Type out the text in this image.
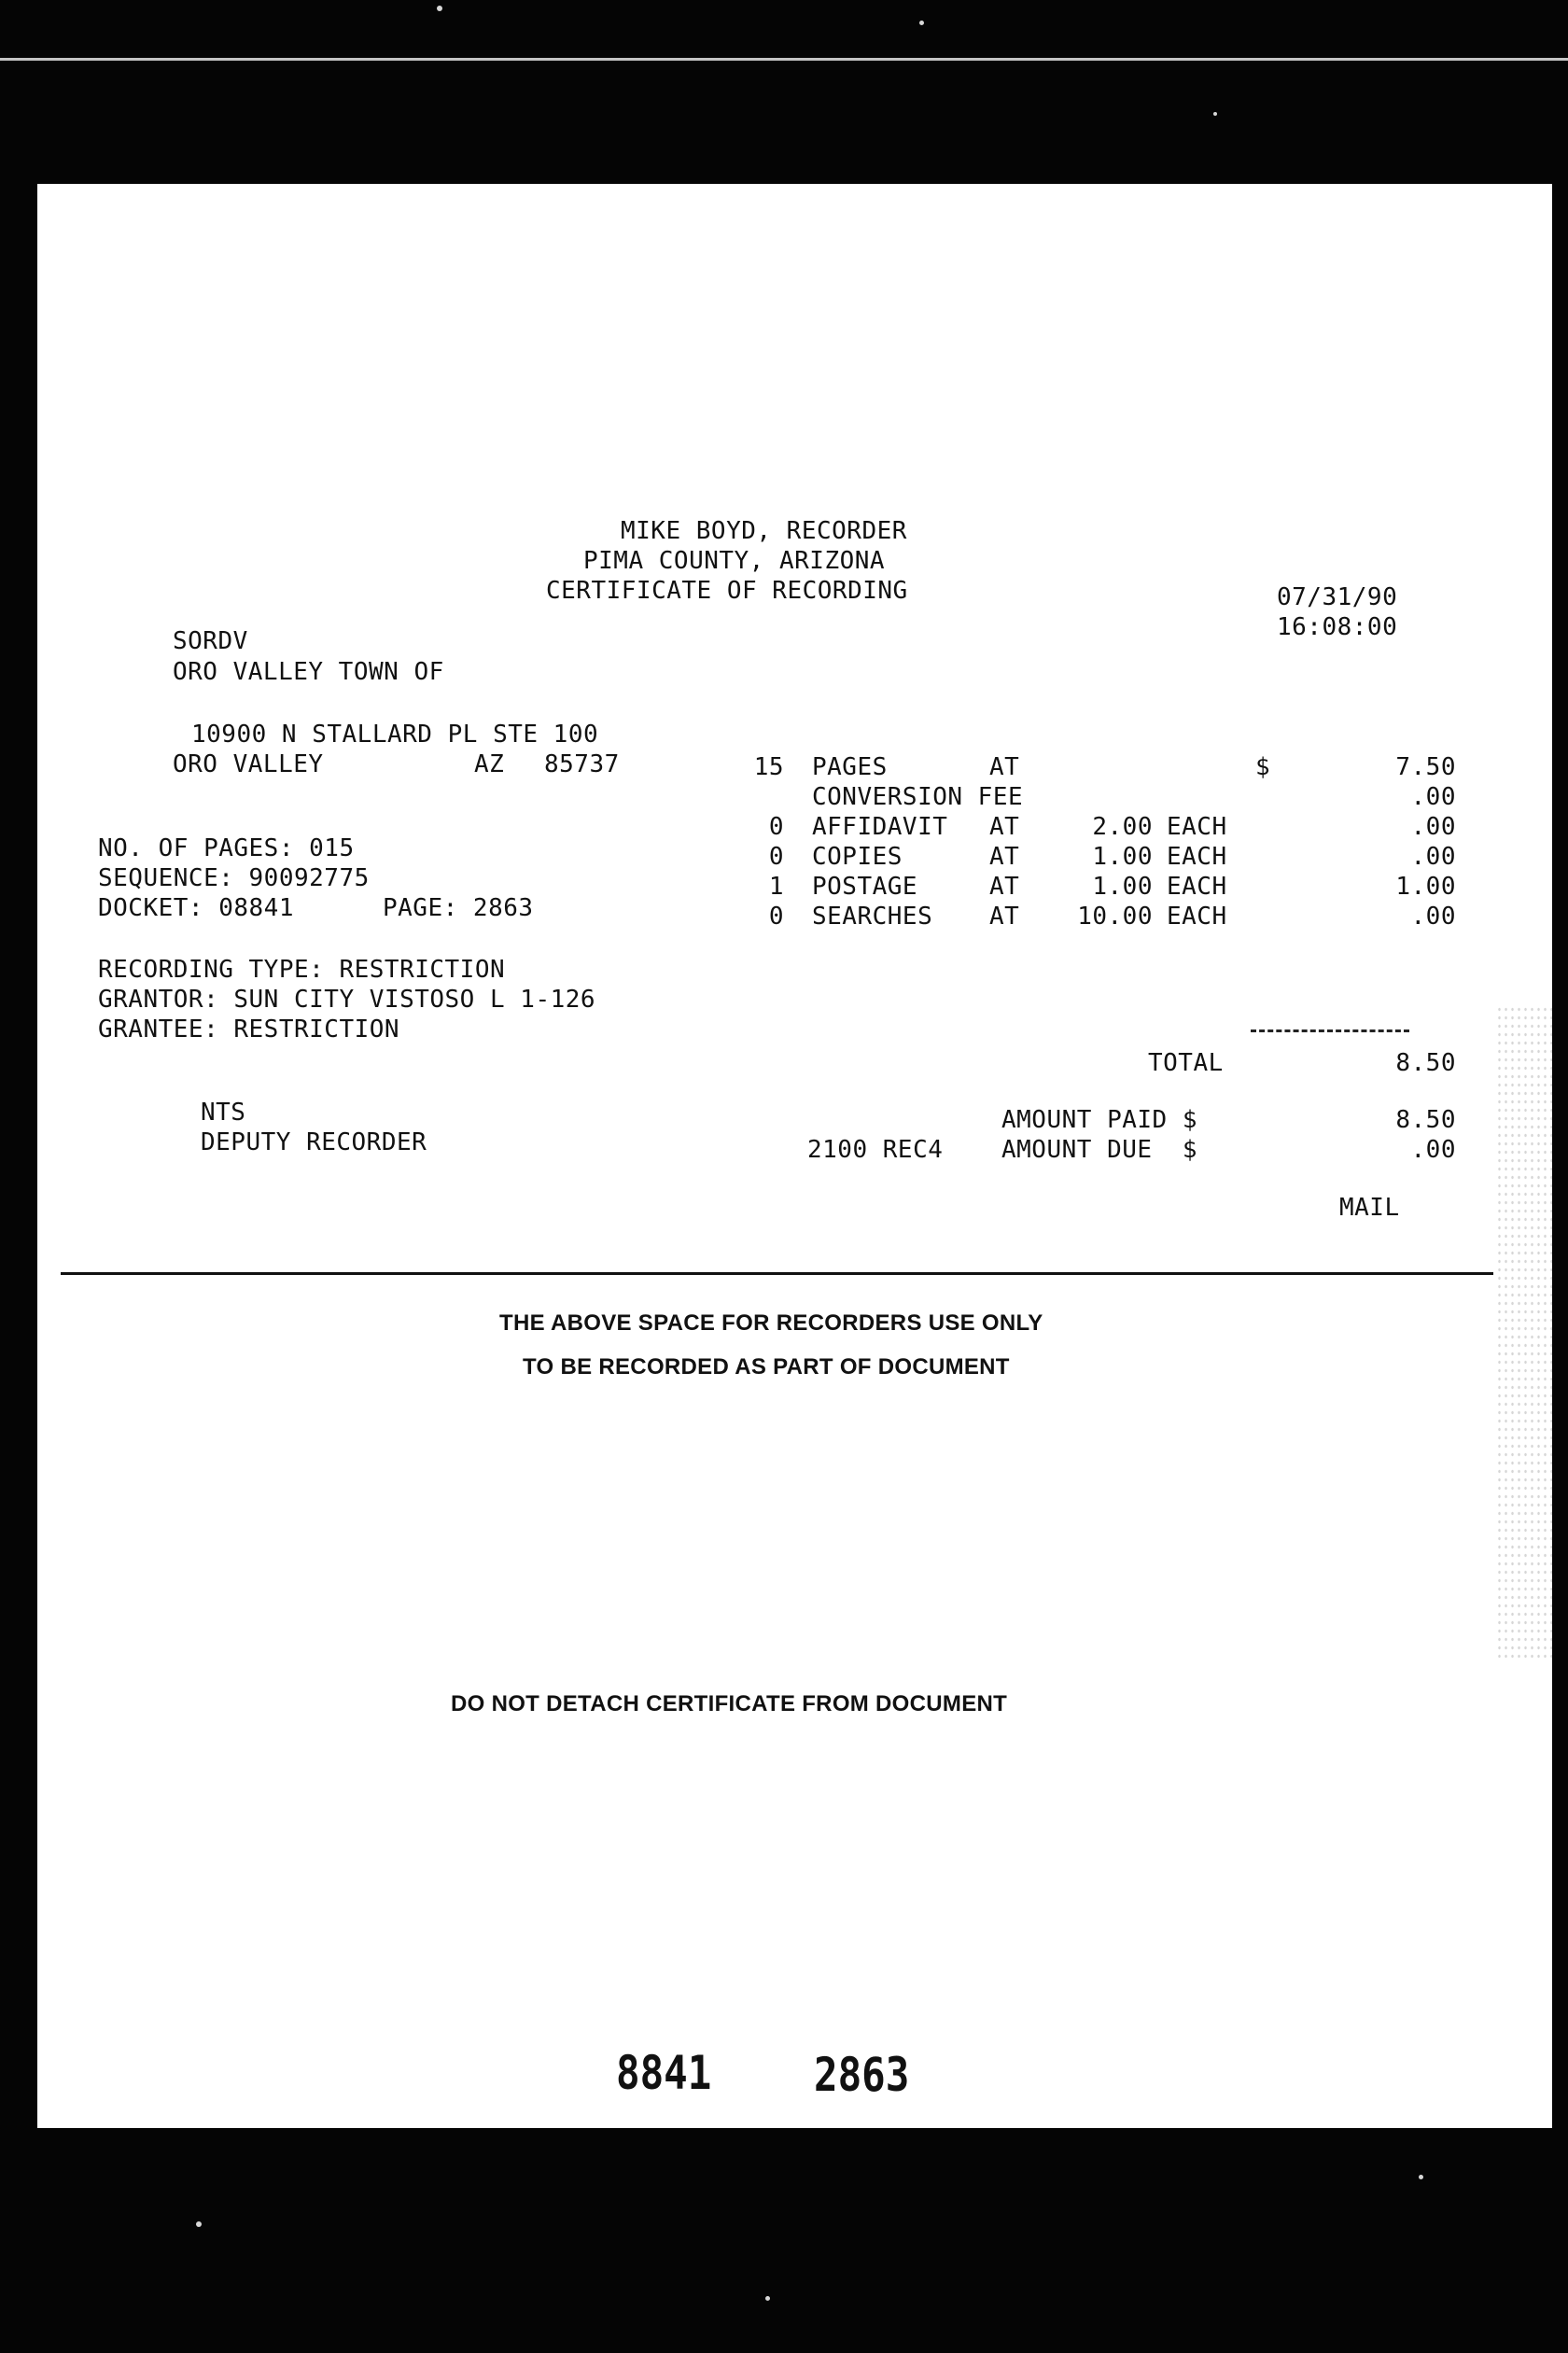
MIKE BOYD, RECORDER
PIMA COUNTY, ARIZONA
CERTIFICATE OF RECORDING	07/31/90
16:08:00
SORDV
ORO VALLEY TOWN OF
10900 N STALLARD PL STE 100
ORO VALLEY	AZ 85737
NO. OF PAGES: 015
SEQUENCE: 90092775
DOCKET: 08841	PAGE: 2863
RECORDING TYPE: RESTRICTION
GRANTOR: SUN CITY VISTOSO L 1-126
GRANTEE: RESTRICTION
15 PAGES	AT	$	7.50
CONVERSION FEE	.00
0 AFFIDAVIT AT	2.00 EACH	.00
0 COPIES	AT	1.00 EACH	.00
1 POSTAGE	AT	1.00 EACH	1.00
0 SEARCHES AT	10.00 EACH	.00
TOTAL	8.50
NTS
DEPUTY RECORDER
AMOUNT PAID $	8.50
2100 REC4 AMOUNT DUE  $	.00
MAIL
THE ABOVE SPACE FOR RECORDERS USE ONLY
TO BE RECORDED AS PART OF DOCUMENT
DO NOT DETACH CERTIFICATE FROM DOCUMENT
8841 2863
